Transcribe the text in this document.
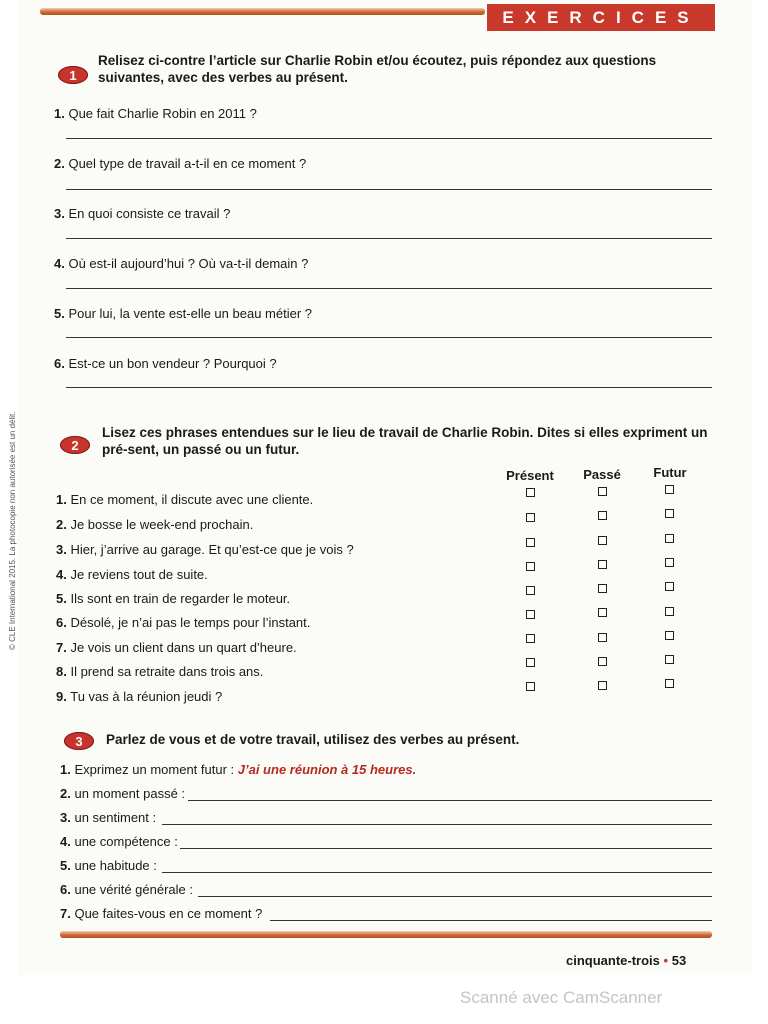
EXERCICES
1
Relisez ci-contre l’article sur Charlie Robin et/ou écoutez, puis répondez aux questions suivantes, avec des verbes au présent.
1. Que fait Charlie Robin en 2011 ?
2. Quel type de travail a-t-il en ce moment ?
3. En quoi consiste ce travail ?
4. Où est-il aujourd’hui ? Où va-t-il demain ?
5. Pour lui, la vente est-elle un beau métier ?
6. Est-ce un bon vendeur ? Pourquoi ?
2
Lisez ces phrases entendues sur le lieu de travail de Charlie Robin. Dites si elles expriment un pré-sent, un passé ou un futur.
Présent	Passé	Futur
1. En ce moment, il discute avec une cliente.
2. Je bosse le week-end prochain.
3. Hier, j’arrive au garage. Et qu’est-ce que je vois ?
4. Je reviens tout de suite.
5. Ils sont en train de regarder le moteur.
6. Désolé, je n’ai pas le temps pour l’instant.
7. Je vois un client dans un quart d’heure.
8. Il prend sa retraite dans trois ans.
9. Tu vas à la réunion jeudi ?
3	Parlez de vous et de votre travail, utilisez des verbes au présent.
1. Exprimez un moment futur : J’ai une réunion à 15 heures.
2. un moment passé :
3. un sentiment :
4. une compétence :
5. une habitude :
6. une vérité générale :
7. Que faites-vous en ce moment ?
cinquante-trois • 53
© CLE International 2015. La photocopie non autorisée est un délit.
Scanné avec CamScanner
